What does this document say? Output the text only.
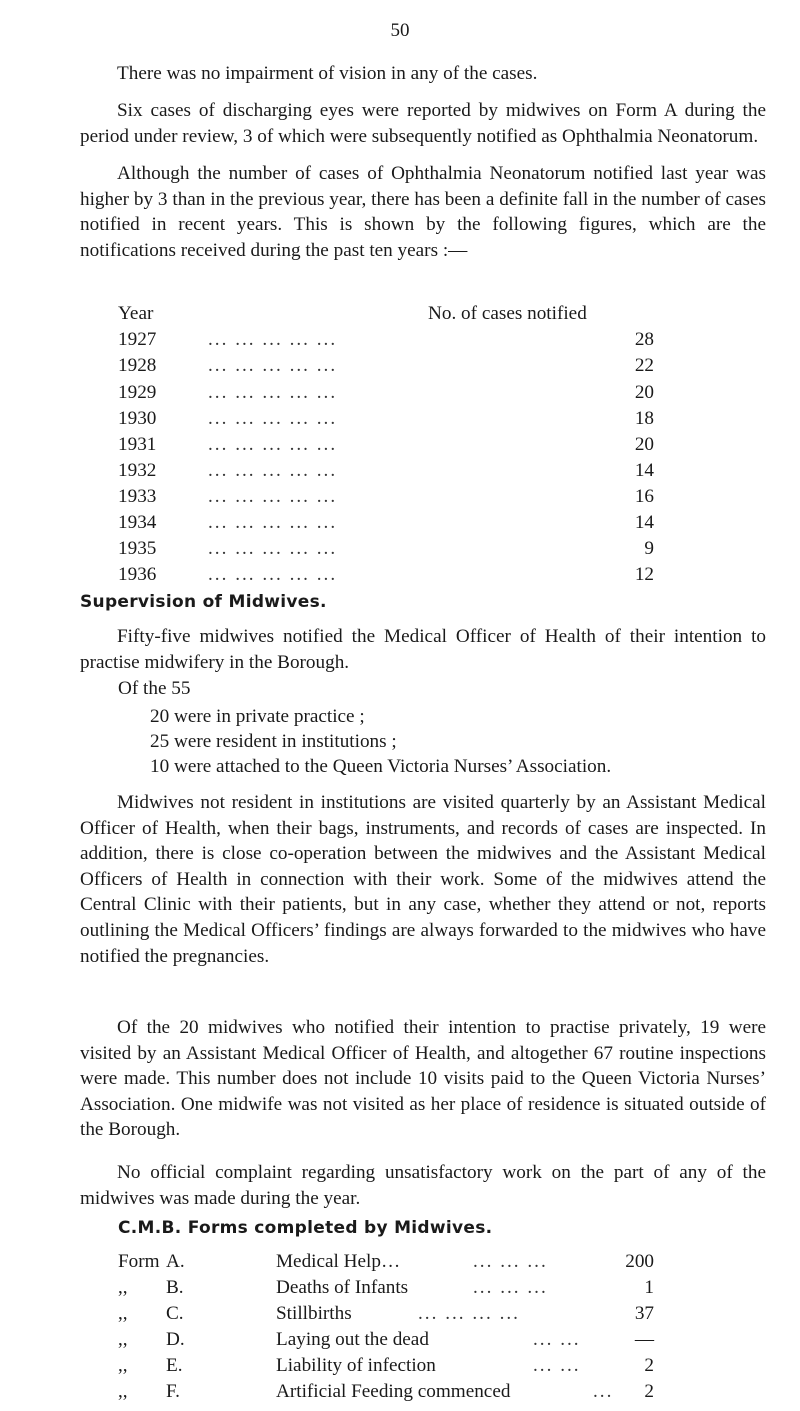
50

There was no impairment of vision in any of the cases.

Six cases of discharging eyes were reported by midwives on Form A during the period under review, 3 of which were subsequently notified as Ophthalmia Neonatorum.

Although the number of cases of Ophthalmia Neonatorum notified last year was higher by 3 than in the previous year, there has been a definite fall in the number of cases notified in recent years. This is shown by the following figures, which are the notifications received during the past ten years :—

Year	No. of cases notified
1927	... ... ... ... ...	28
1928	... ... ... ... ...	22
1929	... ... ... ... ...	20
1930	... ... ... ... ...	18
1931	... ... ... ... ...	20
1932	... ... ... ... ...	14
1933	... ... ... ... ...	16
1934	... ... ... ... ...	14
1935	... ... ... ... ...	9
1936	... ... ... ... ...	12
Supervision of Midwives.

Fifty-five midwives notified the Medical Officer of Health of their intention to practise midwifery in the Borough.

Of the 55
20 were in private practice ;
25 were resident in institutions ;
10 were attached to the Queen Victoria Nurses’ Association.

Midwives not resident in institutions are visited quarterly by an Assistant Medical Officer of Health, when their bags, instruments, and records of cases are inspected. In addition, there is close co-operation between the midwives and the Assistant Medical Officers of Health in connection with their work. Some of the midwives attend the Central Clinic with their patients, but in any case, whether they attend or not, reports outlining the Medical Officers’ findings are always forwarded to the midwives who have notified the pregnancies.

Of the 20 midwives who notified their intention to practise privately, 19 were visited by an Assistant Medical Officer of Health, and altogether 67 routine inspections were made. This number does not include 10 visits paid to the Queen Victoria Nurses’ Association. One midwife was not visited as her place of residence is situated outside of the Borough.

No official complaint regarding unsatisfactory work on the part of any of the midwives was made during the year.

C.M.B. Forms completed by Midwives.
Form A.	Medical Help…	... ... ...	200
,,	B.	Deaths of Infants	... ... ...	1
,,	C.	Stillbirths	... ... ... ...	37
,,	D.	Laying out the dead	... ...	—
,,	E.	Liability of infection	... ...	2
,,	F.	Artificial Feeding commenced	... 2
